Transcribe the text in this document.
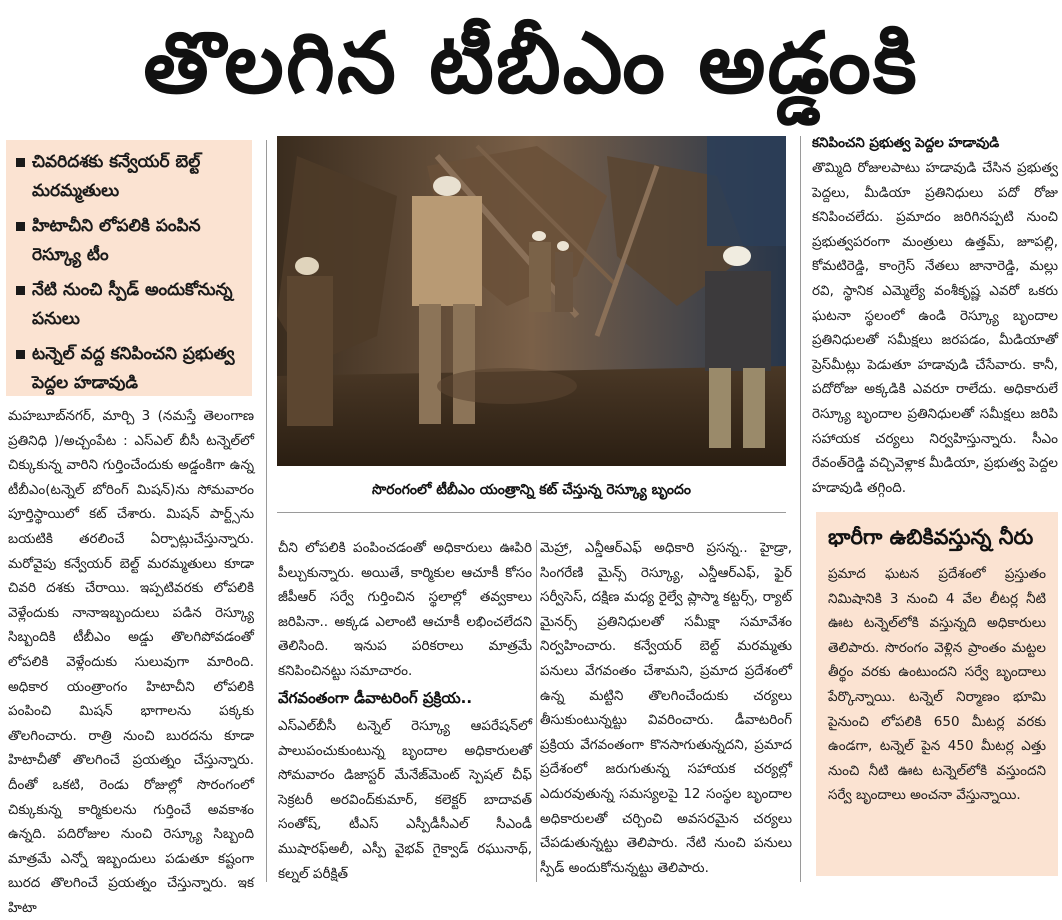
తొలగిన టీబీఎం అడ్డంకి
చివరిదశకు కన్వేయర్ బెల్ట్ మరమ్మతులు
హిటాచీని లోపలికి పంపిన రెస్క్యూ టీం
నేటి నుంచి స్పీడ్ అందుకోనున్న పనులు
టన్నెల్ వద్ద కనిపించని ప్రభుత్వ పెద్దల హడావుడి
మహబూబ్‌నగర్, మార్చి 3 (నమస్తే తెలంగాణ ప్రతినిధి )/అచ్చంపేట : ఎస్ఎల్ బీసీ టన్నెల్‌లో చిక్కుకున్న వారిని గుర్తించేందుకు అడ్డంకిగా ఉన్న టీబీఎం(టన్నెల్ బోరింగ్ మిషన్)ను సోమవారం పూర్తిస్థాయిలో కట్ చేశారు. మిషన్ పార్ట్స్‌ను బయటికి తరలించే ఏర్పాట్లుచేస్తున్నారు. మరోవైపు కన్వేయర్ బెల్ట్ మరమ్మతులు కూడా చివరి దశకు చేరాయి. ఇప్పటివరకు లోపలికి వెళ్లేందుకు నానాఇబ్బందులు పడిన రెస్క్యూ సిబ్బందికి టీబీఎం అడ్డు తొలగిపోవడంతో లోపలికి వెళ్లేందుకు సులువుగా మారింది. అధికార యంత్రాంగం హిటాచీని లోపలికి పంపించి మిషన్ భాగాలను పక్కకు తొలగించారు. రాత్రి నుంచి బురదను కూడా హిటాచీతో తొలగించే ప్రయత్నం చేస్తున్నారు. దీంతో ఒకటి, రెండు రోజుల్లో సొరంగంలో చిక్కుకున్న కార్మికులను గుర్తించే అవకాశం ఉన్నది. పదిరోజుల నుంచి రెస్క్యూ సిబ్బంది మాత్రమే ఎన్నో ఇబ్బందులు పడుతూ కష్టంగా బురద తొలగించే ప్రయత్నం చేస్తున్నారు. ఇక హిటా
సొరంగంలో టీబీఎం యంత్రాన్ని కట్ చేస్తున్న రెస్క్యూ బృందం
చీని లోపలికి పంపించడంతో అధికారులు ఊపిరి పీల్చుకున్నారు. అయితే, కార్మికుల ఆచూకీ కోసం జీపీఆర్ సర్వే గుర్తించిన స్థలాల్లో తవ్వకాలు జరిపినా.. అక్కడ ఎలాంటి ఆచూకీ లభించలేదని తెలిసింది. ఇనుప పరికరాలు మాత్రమే కనిపించినట్టు సమాచారం.
వేగవంతంగా డీవాటరింగ్ ప్రక్రియ..
ఎస్ఎల్‌బీసీ టన్నెల్ రెస్క్యూ ఆపరేషన్‌లో పాలుపంచుకుంటున్న బృందాల అధికారులతో సోమవారం డిజాస్టర్ మేనేజ్‌మెంట్ స్పెషల్ చీఫ్ సెక్రటరీ అరవింద్‌కుమార్, కలెక్టర్ బాదావత్ సంతోష్, టీఎస్ ఎస్పీడీసీఎల్ సీఎండీ ముషారఫ్అలీ, ఎస్పీ వైభవ్ గైక్వాడ్ రఘునాథ్, కల్నల్ పరీక్షిత్
మెహ్రా, ఎన్డీఆర్ఎఫ్ అధికారి ప్రసన్న.. హైడ్రా, సింగరేణి మైన్స్ రెస్క్యూ, ఎన్డీఆర్ఎఫ్, ఫైర్ సర్వీసెస్, దక్షిణ మధ్య రైల్వే ప్లాస్మా కట్టర్స్, ర్యాట్ మైనర్స్ ప్రతినిధులతో సమీక్షా సమావేశం నిర్వహించారు. కన్వేయర్ బెల్ట్ మరమ్మతు పనులు వేగవంతం చేశామని, ప్రమాద ప్రదేశంలో ఉన్న మట్టిని తొలగించేందుకు చర్యలు తీసుకుంటున్నట్టు వివరించారు. డీవాటరింగ్ ప్రక్రియ వేగవంతంగా కొనసాగుతున్నదని, ప్రమాద ప్రదేశంలో జరుగుతున్న సహాయక చర్యల్లో ఎదురవుతున్న సమస్యలపై 12 సంస్థల బృందాల అధికారులతో చర్చించి అవసరమైన చర్యలు చేపడుతున్నట్టు తెలిపారు. నేటి నుంచి పనులు స్పీడ్ అందుకోనున్నట్టు తెలిపారు.
కనిపించని ప్రభుత్వ పెద్దల హడావుడి
తొమ్మిది రోజులపాటు హడావుడి చేసిన ప్రభుత్వ పెద్దలు, మీడియా ప్రతినిధులు పదో రోజు కనిపించలేదు. ప్రమాదం జరిగినప్పటి నుంచి ప్రభుత్వపరంగా మంత్రులు ఉత్తమ్, జూపల్లి, కోమటిరెడ్డి, కాంగ్రెస్ నేతలు జానారెడ్డి, మల్లు రవి, స్థానిక ఎమ్మెల్యే వంశీకృష్ణ ఎవరో ఒకరు ఘటనా స్థలంలో ఉండి రెస్క్యూ బృందాల ప్రతినిధులతో సమీక్షలు జరపడం, మీడియాతో ప్రెస్‌మీట్లు పెడుతూ హడావుడి చేసేవారు. కానీ, పదోరోజు అక్కడికి ఎవరూ రాలేదు. అధికారులే రెస్క్యూ బృందాల ప్రతినిధులతో సమీక్షలు జరిపి సహాయక చర్యలు నిర్వహిస్తున్నారు. సీఎం రేవంత్‌రెడ్డి వచ్చివెళ్లాక మీడియా, ప్రభుత్వ పెద్దల హడావుడి తగ్గింది.
భారీగా ఉబికివస్తున్న నీరు
ప్రమాద ఘటన ప్రదేశంలో ప్రస్తుతం నిమిషానికి 3 నుంచి 4 వేల లీటర్ల నీటి ఊట టన్నెల్‌లోకి వస్తున్నది అధికారులు తెలిపారు. సొరంగం వెళ్లిన ప్రాంతం మట్టల తీర్థం వరకు ఉంటుందని సర్వే బృందాలు పేర్కొన్నాయి. టన్నెల్ నిర్మాణం భూమి పైనుంచి లోపలికి 650 మీటర్ల వరకు ఉండగా, టన్నెల్ పైన 450 మీటర్ల ఎత్తు నుంచి నీటి ఊట టన్నెల్‌లోకి వస్తుందని సర్వే బృందాలు అంచనా వేస్తున్నాయి.
